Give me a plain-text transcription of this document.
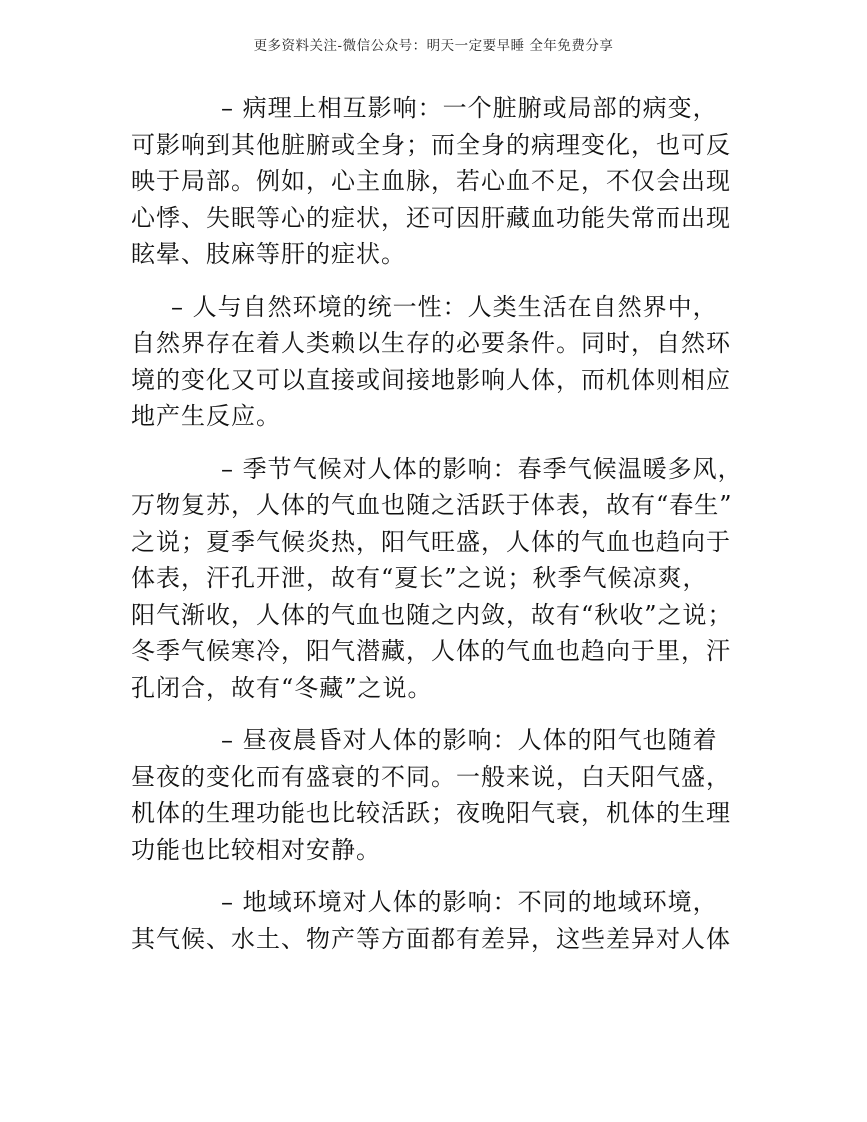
更多资料关注-微信公众号：明天一定要早睡 全年免费分享
– 病理上相互影响：一个脏腑或局部的病变，
可影响到其他脏腑或全身；而全身的病理变化，也可反
映于局部。例如，心主血脉，若心血不足，不仅会出现
心悸、失眠等心的症状，还可因肝藏血功能失常而出现
眩晕、肢麻等肝的症状。
– 人与自然环境的统一性：人类生活在自然界中，
自然界存在着人类赖以生存的必要条件。同时，自然环
境的变化又可以直接或间接地影响人体，而机体则相应
地产生反应。
– 季节气候对人体的影响：春季气候温暖多风，
万物复苏，人体的气血也随之活跃于体表，故有“春生”
之说；夏季气候炎热，阳气旺盛，人体的气血也趋向于
体表，汗孔开泄，故有“夏长”之说；秋季气候凉爽，
阳气渐收，人体的气血也随之内敛，故有“秋收”之说；
冬季气候寒冷，阳气潜藏，人体的气血也趋向于里，汗
孔闭合，故有“冬藏”之说。
– 昼夜晨昏对人体的影响：人体的阳气也随着
昼夜的变化而有盛衰的不同。一般来说，白天阳气盛，
机体的生理功能也比较活跃；夜晚阳气衰，机体的生理
功能也比较相对安静。
– 地域环境对人体的影响：不同的地域环境，
其气候、水土、物产等方面都有差异，这些差异对人体
